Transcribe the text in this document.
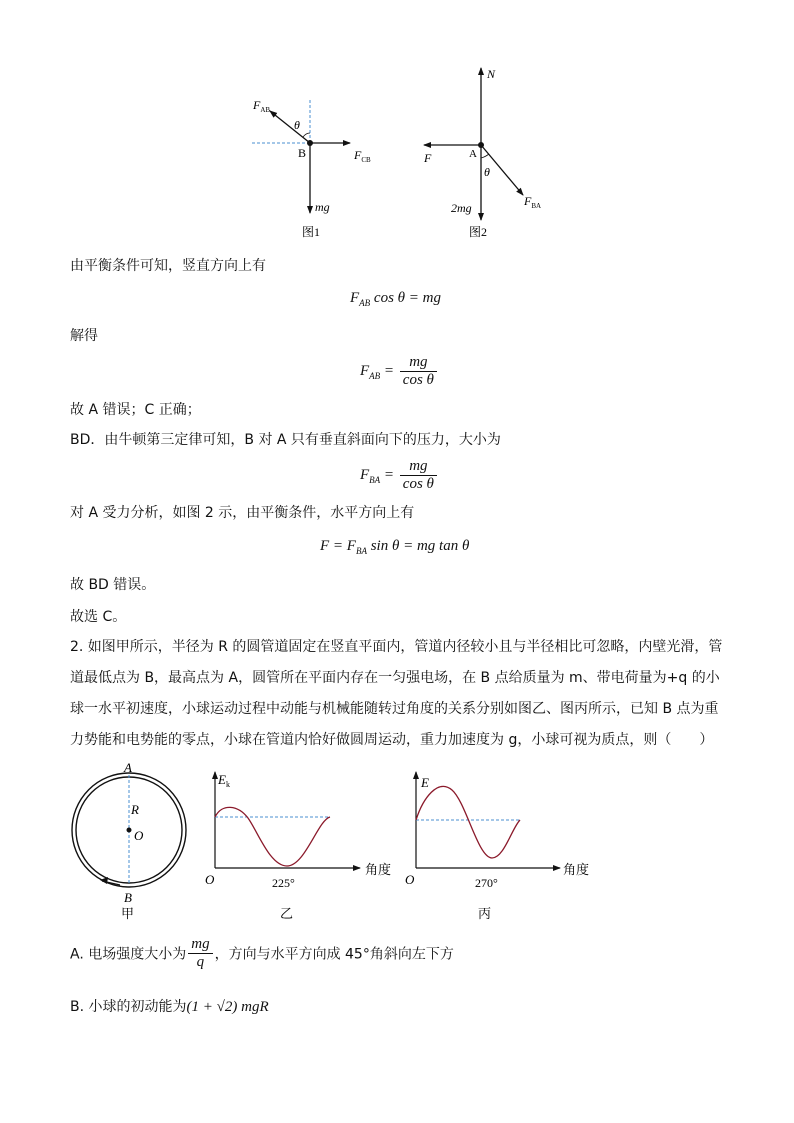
$F_{AB}$
θ
B	$F_{CB}$
mg
图1
N
F	A
θ
2mg	$F_{BA}$
图2
由平衡条件可知，竖直方向上有
$F_{AB}$ cos θ = mg
解得
$F_{AB} = \frac{mg}{\text{cos θ}}$
故 A 错误；C 正确；
BD．由牛顿第三定律可知，B 对 A 只有垂直斜面向下的压力，大小为
$F_{BA} = \frac{mg}{\text{cos θ}}$
对 A 受力分析，如图 2 示，由平衡条件，水平方向上有
$F = F_{BA}$ sin θ = mg tan θ
故 BD 错误。
故选 C。
2. 如图甲所示，半径为 R 的圆管道固定在竖直平面内，管道内径较小且与半径相比可忽略，内壁光滑，管道最低点为 B，最高点为 A，圆管所在平面内存在一匀强电场，在 B 点给质量为 m、带电荷量为+q 的小球一水平初速度，小球运动过程中动能与机械能随转过角度的关系分别如图乙、图丙所示，已知 B 点为重力势能和电势能的零点，小球在管道内恰好做圆周运动，重力加速度为 g，小球可视为质点，则（　　）
A
R
O
B
甲
$E_k$
O	225°
角度
乙
E
O	270°
角度
丙
A. 电场强度大小为 $\frac{mg}{q}$ ，方向与水平方向成 45°角斜向左下方
B. 小球的初动能为(1 + √2) mgR
